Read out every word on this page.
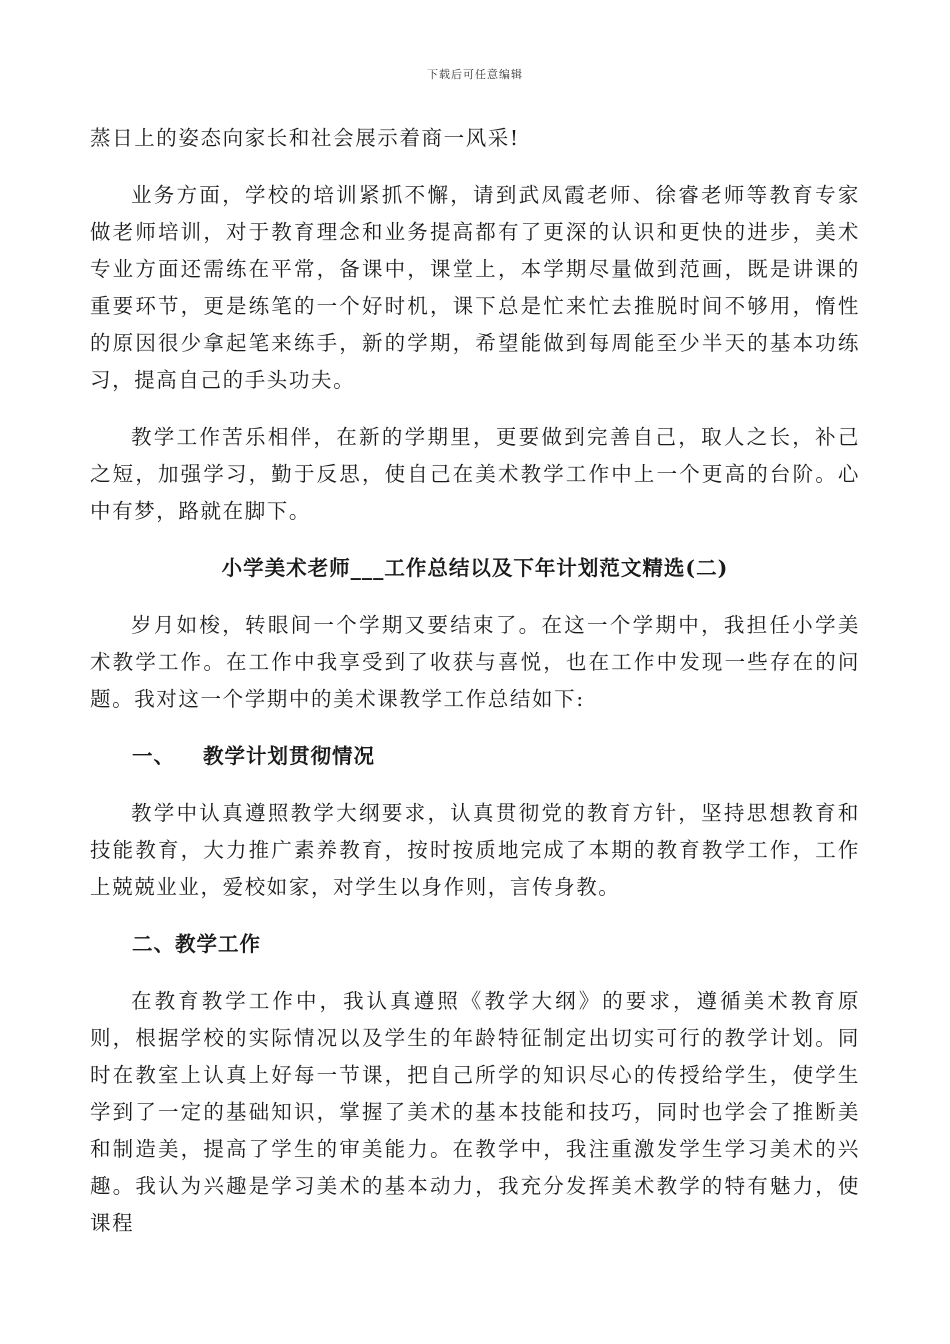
下载后可任意编辑

蒸日上的姿态向家长和社会展示着商一风采!

业务方面，学校的培训紧抓不懈，请到武凤霞老师、徐睿老师等教育专家做老师培训，对于教育理念和业务提高都有了更深的认识和更快的进步，美术专业方面还需练在平常，备课中，课堂上，本学期尽量做到范画，既是讲课的重要环节，更是练笔的一个好时机，课下总是忙来忙去推脱时间不够用，惰性的原因很少拿起笔来练手，新的学期，希望能做到每周能至少半天的基本功练习，提高自己的手头功夫。

教学工作苦乐相伴，在新的学期里，更要做到完善自己，取人之长，补己之短，加强学习，勤于反思，使自己在美术教学工作中上一个更高的台阶。心中有梦，路就在脚下。

小学美术老师___工作总结以及下年计划范文精选(二)

岁月如梭，转眼间一个学期又要结束了。在这一个学期中，我担任小学美术教学工作。在工作中我享受到了收获与喜悦，也在工作中发现一些存在的问题。我对这一个学期中的美术课教学工作总结如下:

一、 教学计划贯彻情况

教学中认真遵照教学大纲要求，认真贯彻党的教育方针，坚持思想教育和技能教育，大力推广素养教育，按时按质地完成了本期的教育教学工作，工作上兢兢业业，爱校如家，对学生以身作则，言传身教。

二、教学工作

在教育教学工作中，我认真遵照《教学大纲》的要求，遵循美术教育原则，根据学校的实际情况以及学生的年龄特征制定出切实可行的教学计划。同时在教室上认真上好每一节课，把自己所学的知识尽心的传授给学生，使学生学到了一定的基础知识，掌握了美术的基本技能和技巧，同时也学会了推断美和制造美，提高了学生的审美能力。在教学中，我注重激发学生学习美术的兴趣。我认为兴趣是学习美术的基本动力，我充分发挥美术教学的特有魅力，使课程
